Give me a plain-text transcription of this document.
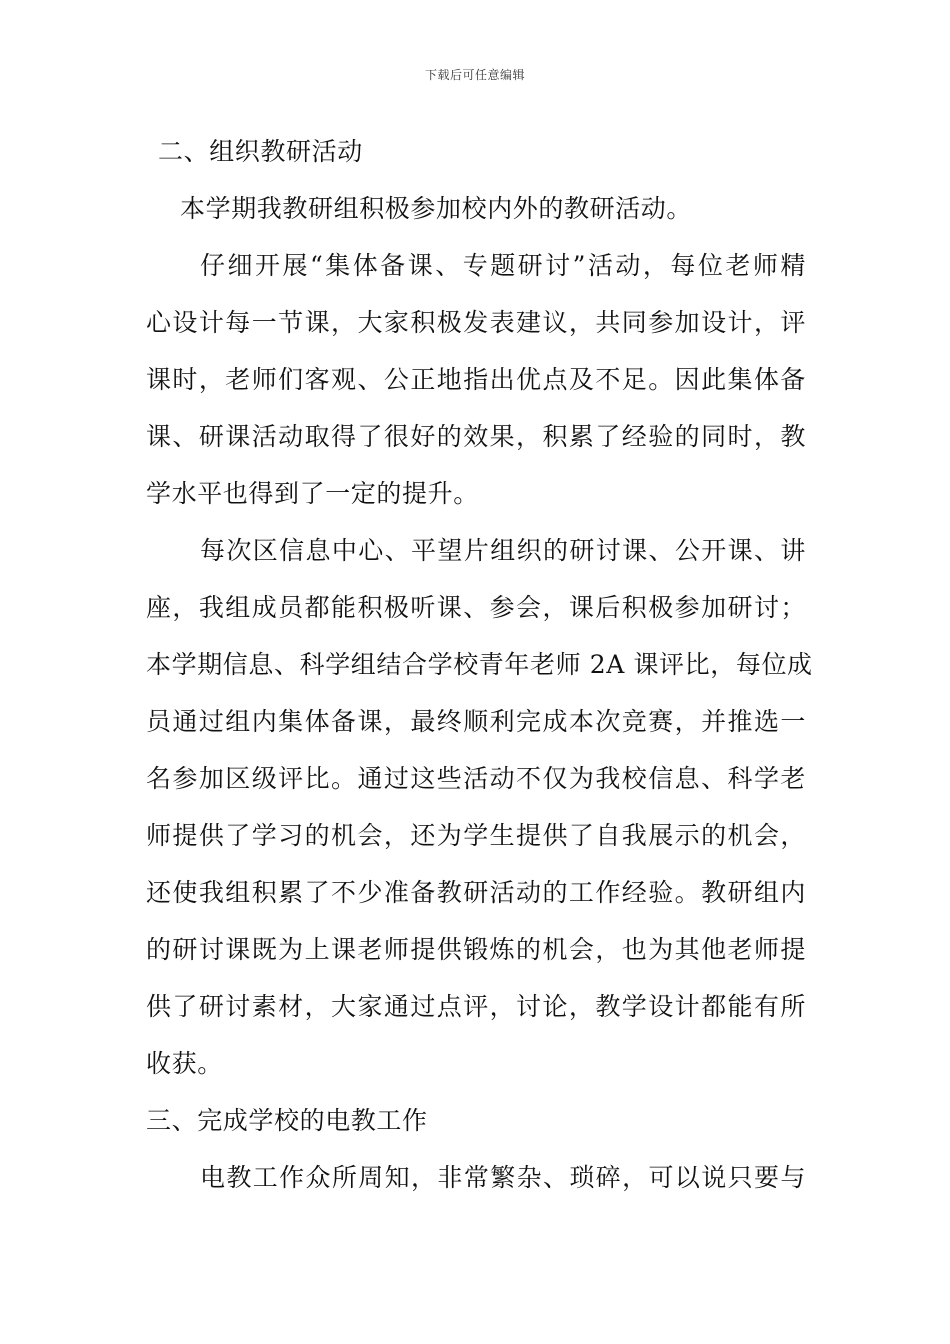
下载后可任意编辑
二、组织教研活动
本学期我教研组积极参加校内外的教研活动。
仔细开展“集体备课、专题研讨”活动，每位老师精
心设计每一节课，大家积极发表建议，共同参加设计，评
课时，老师们客观、公正地指出优点及不足。因此集体备
课、研课活动取得了很好的效果，积累了经验的同时，教
学水平也得到了一定的提升。
每次区信息中心、平望片组织的研讨课、公开课、讲
座，我组成员都能积极听课、参会，课后积极参加研讨；
本学期信息、科学组结合学校青年老师 2A 课评比，每位成
员通过组内集体备课，最终顺利完成本次竞赛，并推选一
名参加区级评比。通过这些活动不仅为我校信息、科学老
师提供了学习的机会，还为学生提供了自我展示的机会，
还使我组积累了不少准备教研活动的工作经验。教研组内
的研讨课既为上课老师提供锻炼的机会，也为其他老师提
供了研讨素材，大家通过点评，讨论，教学设计都能有所
收获。
三、完成学校的电教工作
电教工作众所周知，非常繁杂、琐碎，可以说只要与
